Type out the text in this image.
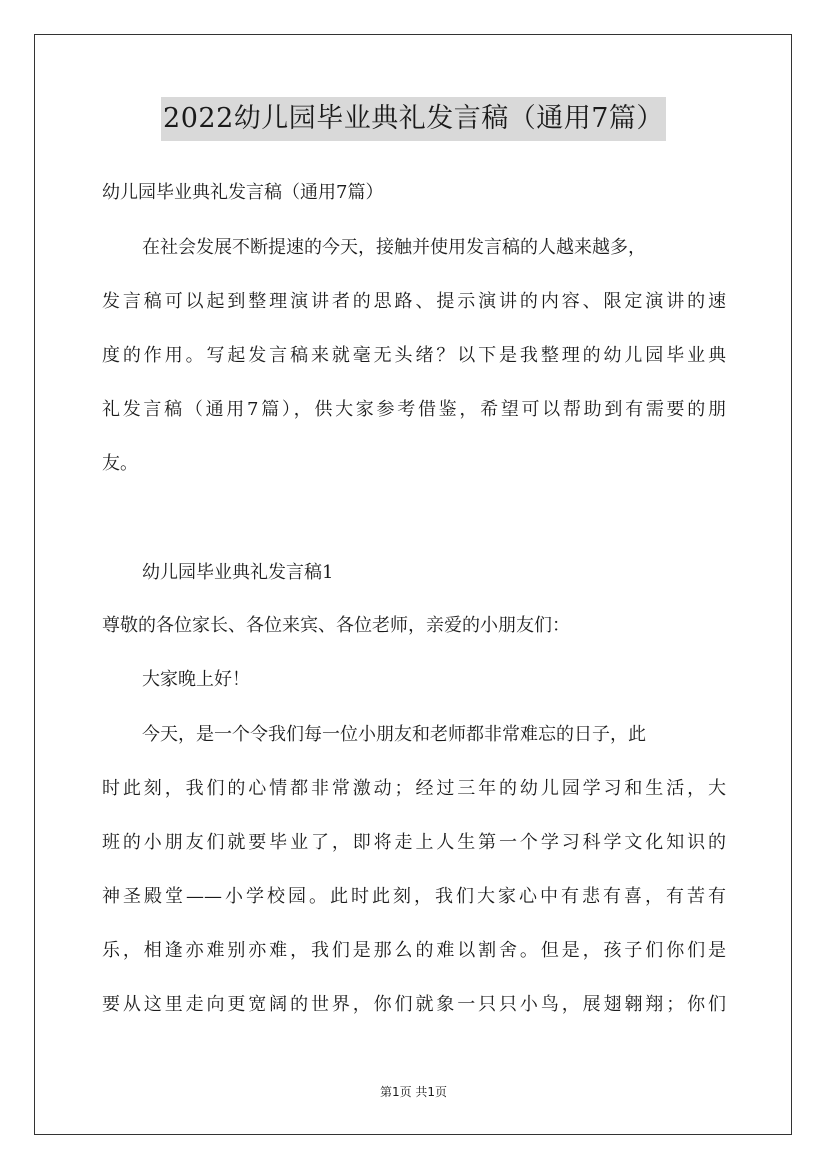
2022幼儿园毕业典礼发言稿（通用7篇）
幼儿园毕业典礼发言稿（通用7篇）
在社会发展不断提速的今天，接触并使用发言稿的人越来越多，
发言稿可以起到整理演讲者的思路、提示演讲的内容、限定演讲的速
度的作用。写起发言稿来就毫无头绪？以下是我整理的幼儿园毕业典
礼发言稿（通用7篇），供大家参考借鉴，希望可以帮助到有需要的朋
友。
幼儿园毕业典礼发言稿1
尊敬的各位家长、各位来宾、各位老师，亲爱的小朋友们：
大家晚上好！
今天，是一个令我们每一位小朋友和老师都非常难忘的日子，此
时此刻，我们的心情都非常激动；经过三年的幼儿园学习和生活，大
班的小朋友们就要毕业了，即将走上人生第一个学习科学文化知识的
神圣殿堂——小学校园。此时此刻，我们大家心中有悲有喜，有苦有
乐，相逢亦难别亦难，我们是那么的难以割舍。但是，孩子们你们是
要从这里走向更宽阔的世界，你们就象一只只小鸟，展翅翱翔；你们
第1页 共1页
